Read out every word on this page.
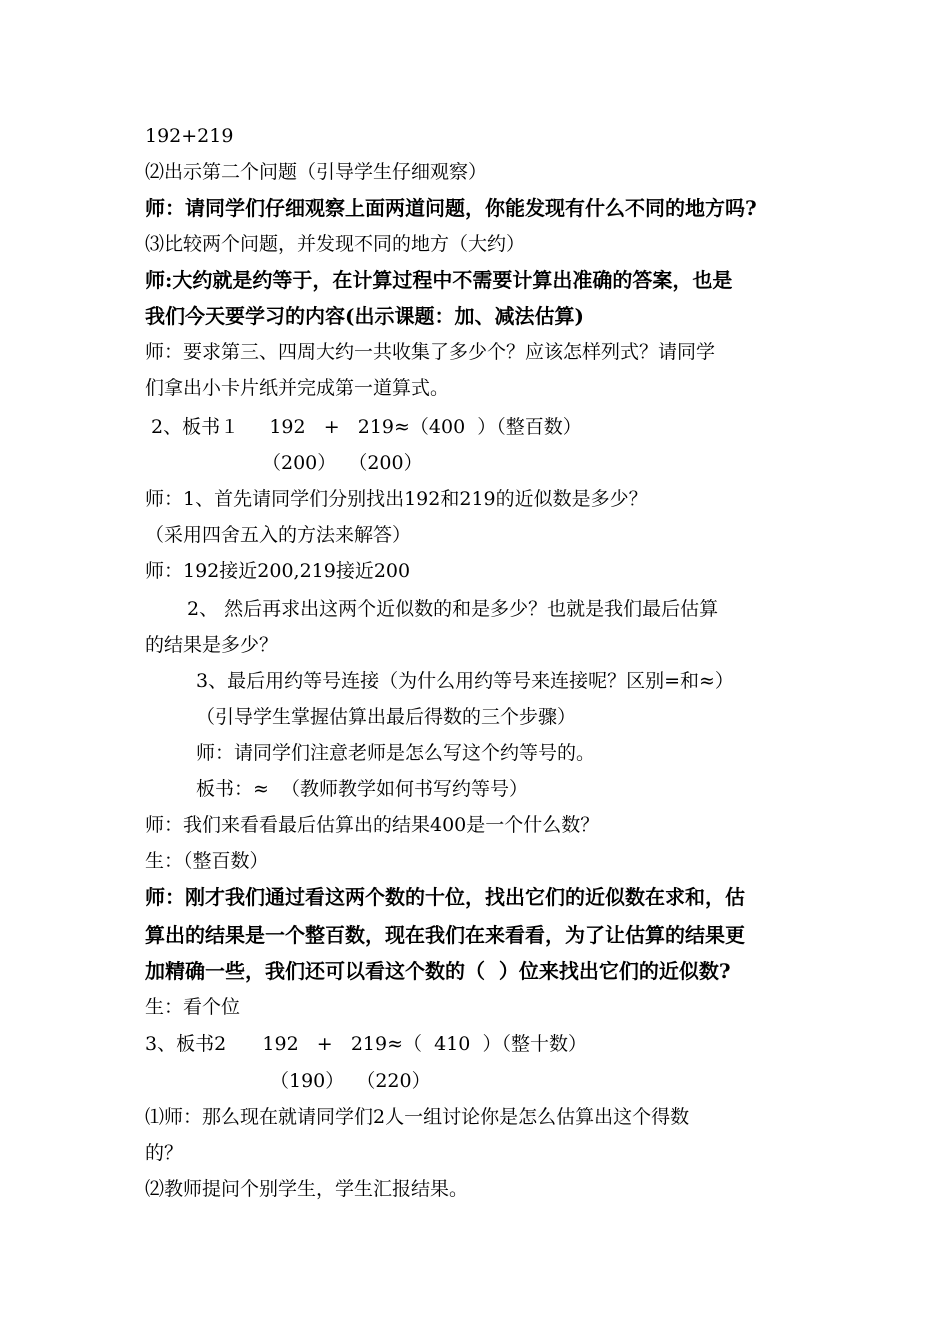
192+219
⑵出示第二个问题（引导学生仔细观察）
师：请同学们仔细观察上面两道问题，你能发现有什么不同的地方吗?
⑶比较两个问题，并发现不同的地方（大约）
师:大约就是约等于，在计算过程中不需要计算出准确的答案，也是
我们今天要学习的内容(出示课题：加、减法估算)
师：要求第三、四周大约一共收集了多少个？应该怎样列式？请同学
们拿出小卡片纸并完成第一道算式。
2、板书１     192   +   219≈（400  ）（整百数）
（200）  （200）
师：1、首先请同学们分别找出192和219的近似数是多少？
（采用四舍五入的方法来解答）
师：192接近200,219接近200
2、 然后再求出这两个近似数的和是多少？也就是我们最后估算
的结果是多少？
3、最后用约等号连接（为什么用约等号来连接呢？区别=和≈）
（引导学生掌握估算出最后得数的三个步骤）
师：请同学们注意老师是怎么写这个约等号的。
板书：≈  （教师教学如何书写约等号）
师：我们来看看最后估算出的结果400是一个什么数？
生：（整百数）
师：刚才我们通过看这两个数的十位，找出它们的近似数在求和，估
算出的结果是一个整百数，现在我们在来看看，为了让估算的结果更
加精确一些，我们还可以看这个数的（  ）位来找出它们的近似数?
生：看个位
3、板书2      192   +   219≈（  410  ）（整十数）
（190）  （220）
⑴师：那么现在就请同学们2人一组讨论你是怎么估算出这个得数
的？
⑵教师提问个别学生，学生汇报结果。
